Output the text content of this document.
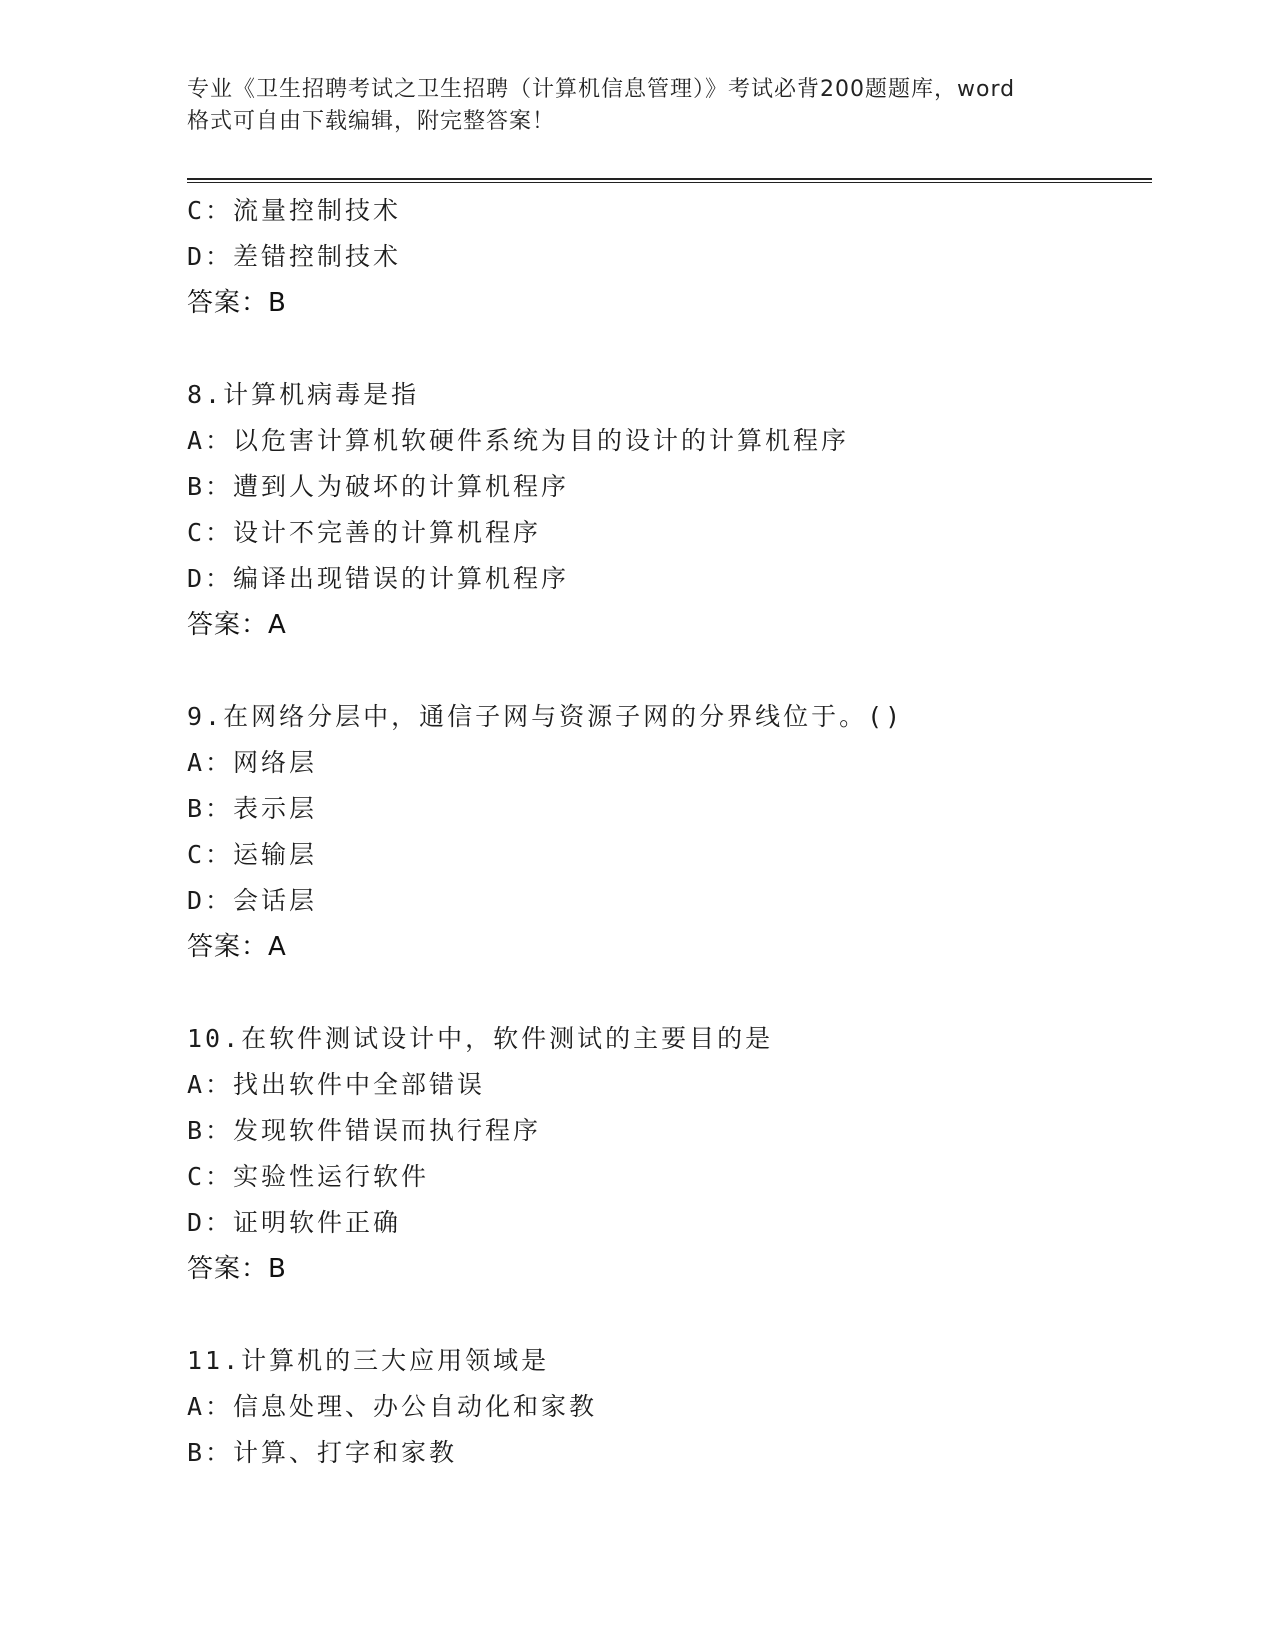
专业《卫生招聘考试之卫生招聘（计算机信息管理）》考试必背200题题库，word
格式可自由下载编辑，附完整答案！
C：流量控制技术
D：差错控制技术
答案：B
8.计算机病毒是指
A：以危害计算机软硬件系统为目的设计的计算机程序
B：遭到人为破坏的计算机程序
C：设计不完善的计算机程序
D：编译出现错误的计算机程序
答案：A
9.在网络分层中，通信子网与资源子网的分界线位于。()
A：网络层
B：表示层
C：运输层
D：会话层
答案：A
10.在软件测试设计中，软件测试的主要目的是
A：找出软件中全部错误
B：发现软件错误而执行程序
C：实验性运行软件
D：证明软件正确
答案：B
11.计算机的三大应用领域是
A：信息处理、办公自动化和家教
B：计算、打字和家教
